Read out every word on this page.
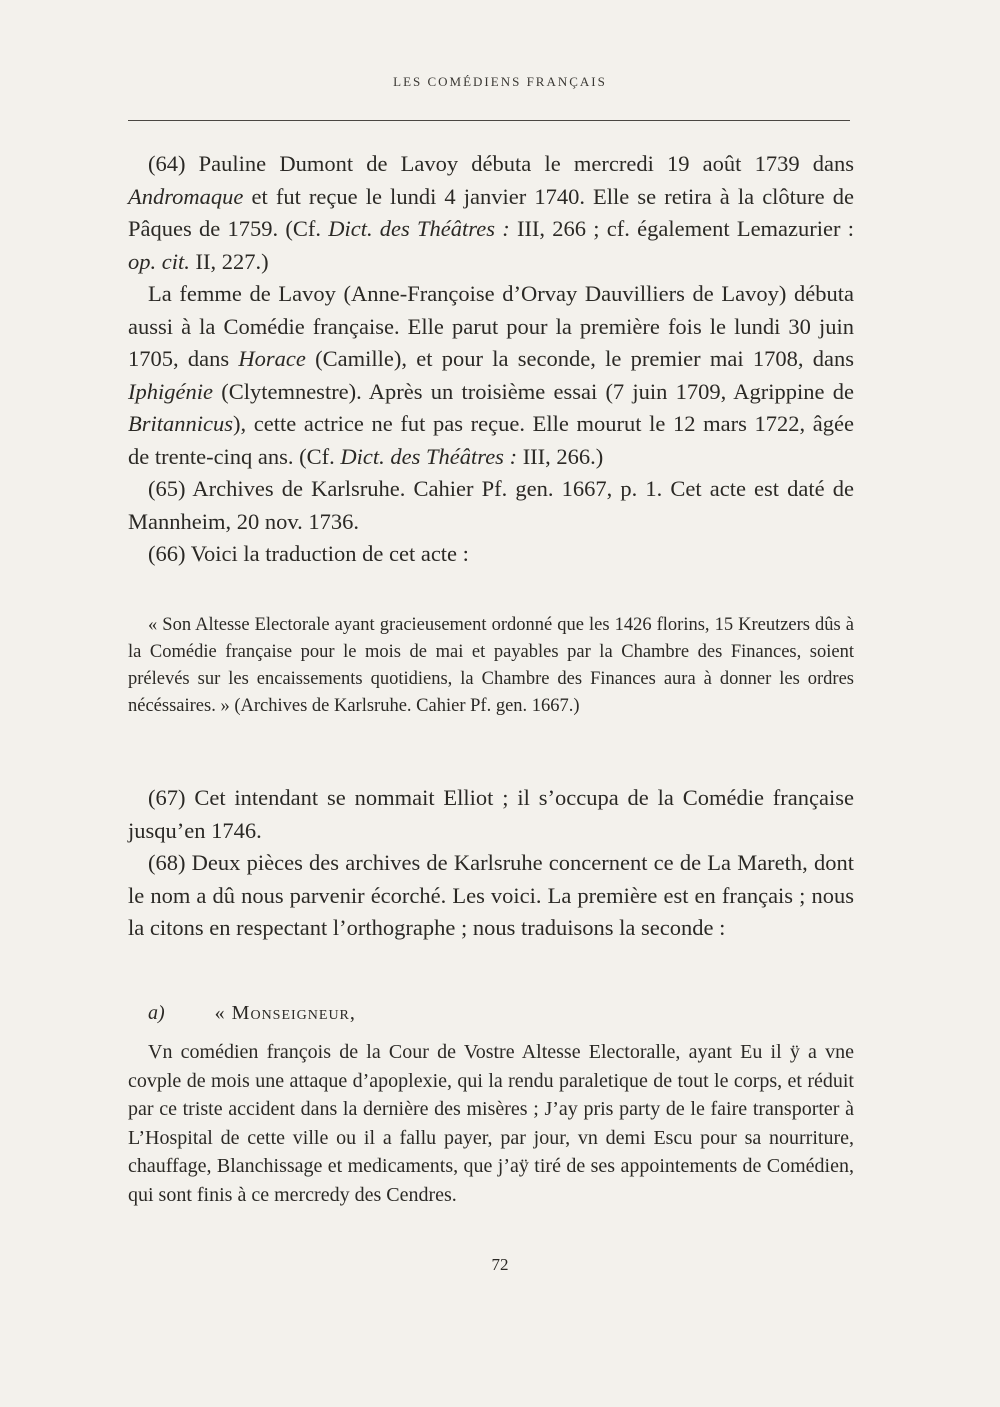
LES COMÉDIENS FRANÇAIS

(64) Pauline Dumont de Lavoy débuta le mercredi 19 août 1739 dans Andromaque et fut reçue le lundi 4 janvier 1740. Elle se retira à la clôture de Pâques de 1759. (Cf. Dict. des Théâtres : III, 266 ; cf. également Lemazurier : op. cit. II, 227.)

La femme de Lavoy (Anne-Françoise d’Orvay Dauvilliers de Lavoy) débuta aussi à la Comédie française. Elle parut pour la première fois le lundi 30 juin 1705, dans Horace (Camille), et pour la seconde, le premier mai 1708, dans Iphigénie (Clytemnestre). Après un troisième essai (7 juin 1709, Agrippine de Britannicus), cette actrice ne fut pas reçue. Elle mourut le 12 mars 1722, âgée de trente-cinq ans. (Cf. Dict. des Théâtres : III, 266.)

(65) Archives de Karlsruhe. Cahier Pf. gen. 1667, p. 1. Cet acte est daté de Mannheim, 20 nov. 1736.

(66) Voici la traduction de cet acte :

« Son Altesse Electorale ayant gracieusement ordonné que les 1426 florins, 15 Kreutzers dûs à la Comédie française pour le mois de mai et payables par la Chambre des Finances, soient prélevés sur les encaissements quotidiens, la Chambre des Finances aura à donner les ordres nécéssaires. » (Archives de Karlsruhe. Cahier Pf. gen. 1667.)

(67) Cet intendant se nommait Elliot ; il s’occupa de la Comédie française jusqu’en 1746.

(68) Deux pièces des archives de Karlsruhe concernent ce de La Mareth, dont le nom a dû nous parvenir écorché. Les voici. La première est en français ; nous la citons en respectant l’orthographe ; nous traduisons la seconde :

a)	« Monseigneur,

Vn comédien françois de la Cour de Vostre Altesse Electoralle, ayant Eu il ÿ a vne covple de mois une attaque d’apoplexie, qui la rendu paraletique de tout le corps, et réduit par ce triste accident dans la dernière des misères ; J’ay pris party de le faire transporter à L’Hospital de cette ville ou il a fallu payer, par jour, vn demi Escu pour sa nourriture, chauffage, Blanchissage et medicaments, que j’aÿ tiré de ses appointements de Comédien, qui sont finis à ce mercredy des Cendres.

72
